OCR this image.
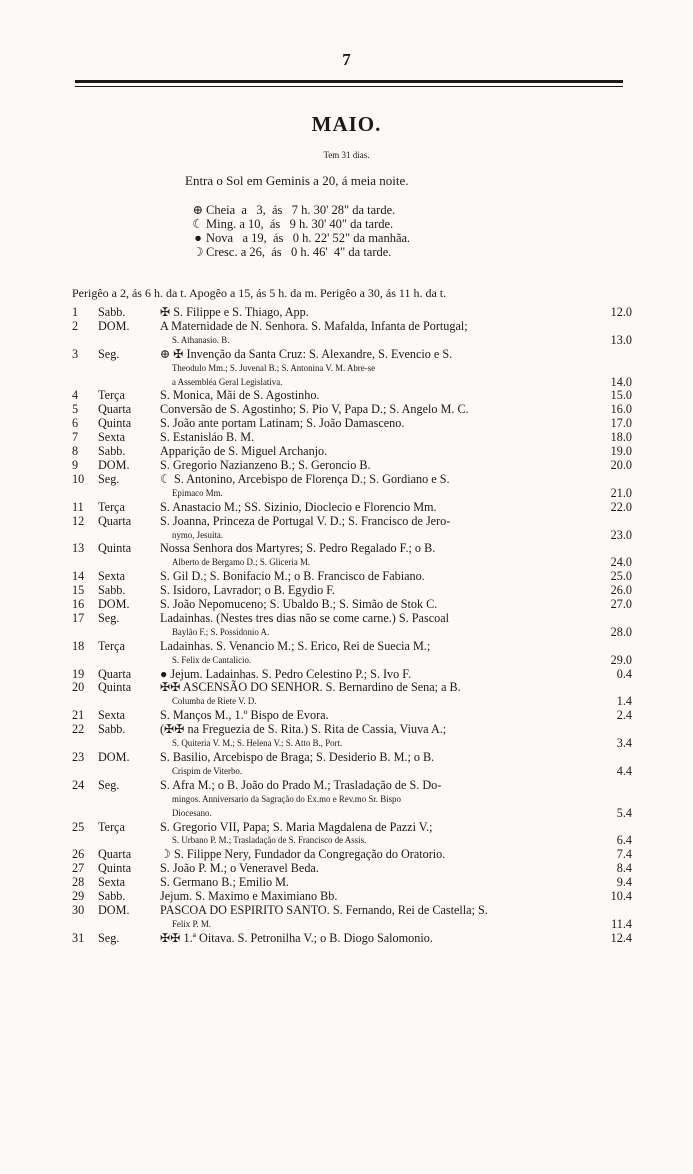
7
MAIO.
Tem 31 dias.
Entra o Sol em Geminis a 20, á meia noite.
⊕ Cheia  a   3,  ás   7 h. 30' 28" da tarde.
☾ Ming. a 10,  ás   9 h. 30' 40" da tarde.
● Nova   a 19,  ás   0 h. 22' 52" da manhãa.
☽ Cresc. a 26,  ás   0 h. 46'  4" da tarde.
Perigêo a 2, ás 6 h. da t. Apogêo a 15, ás 5 h. da m. Perigêo a 30, ás 11 h. da t.
1	Sabb.	✠ S. Filippe e S. Thiago, App.	12.0
2	DOM.	A Maternidade de N. Senhora. S. Mafalda, Infanta de Portugal;
S. Athanasio. B.	13.0
3	Seg.	⊕ ✠ Invenção da Santa Cruz: S. Alexandre, S. Evencio e S.
Theodulo Mm.; S. Juvenal B.; S. Antonina V. M. Abre-se
a Assembléa Geral Legislativa.	14.0
4	Terça	S. Monica, Mãi de S. Agostinho.	15.0
5	Quarta	Conversão de S. Agostinho; S. Pio V, Papa D.; S. Angelo M. C.	16.0
6	Quinta	S. João ante portam Latinam; S. João Damasceno.	17.0
7	Sexta	S. Estanisláo B. M.	18.0
8	Sabb.	Apparição de S. Miguel Archanjo.	19.0
9	DOM.	S. Gregorio Nazianzeno B.; S. Geroncio B.	20.0
10	Seg.	☾ S. Antonino, Arcebispo de Florença D.; S. Gordiano e S.
Epimaco Mm.	21.0
11	Terça	S. Anastacio M.; SS. Sizinio, Dioclecio e Florencio Mm.	22.0
12	Quarta	S. Joanna, Princeza de Portugal V. D.; S. Francisco de Jero-
nymo, Jesuita.	23.0
13	Quinta	Nossa Senhora dos Martyres; S. Pedro Regalado F.; o B.
Alberto de Bergamo D.; S. Gliceria M.	24.0
14	Sexta	S. Gil D.; S. Bonifacio M.; o B. Francisco de Fabiano.	25.0
15	Sabb.	S. Isidoro, Lavrador; o B. Egydio F.	26.0
16	DOM.	S. João Nepomuceno; S. Ubaldo B.; S. Simão de Stok C.	27.0
17	Seg.	Ladainhas. (Nestes tres dias não se come carne.) S. Pascoal
Baylão F.; S. Possidonio A.	28.0
18	Terça	Ladainhas. S. Venancio M.; S. Erico, Rei de Suecia M.;
S. Felix de Cantalicio.	29.0
19	Quarta	● Jejum. Ladainhas. S. Pedro Celestino P.; S. Ivo F.	0.4
20	Quinta	✠✠ ASCENSÃO DO SENHOR. S. Bernardino de Sena; a B.
Columba de Riete V. D.	1.4
21	Sexta	S. Manços M., 1.º Bispo de Evora.	2.4
22	Sabb.	(✠✠ na Freguezia de S. Rita.) S. Rita de Cassia, Viuva A.;
S. Quiteria V. M.; S. Helena V.; S. Atto B., Port.	3.4
23	DOM.	S. Basilio, Arcebispo de Braga; S. Desiderio B. M.; o B.
Crispim de Viterbo.	4.4
24	Seg.	S. Afra M.; o B. João do Prado M.; Trasladação de S. Do-
mingos. Anniversario da Sagração do Ex.mo e Rev.mo Sr. Bispo
Diocesano.	5.4
25	Terça	S. Gregorio VII, Papa; S. Maria Magdalena de Pazzi V.;
S. Urbano P. M.; Trasladação de S. Francisco de Assis.	6.4
26	Quarta	☽ S. Filippe Nery, Fundador da Congregação do Oratorio.	7.4
27	Quinta	S. João P. M.; o Veneravel Beda.	8.4
28	Sexta	S. Germano B.; Emilio M.	9.4
29	Sabb.	Jejum. S. Maximo e Maximiano Bb.	10.4
30	DOM.	PASCOA DO ESPIRITO SANTO. S. Fernando, Rei de Castella; S.
Felix P. M.	11.4
31	Seg.	✠✠ 1.ª Oitava. S. Petronilha V.; o B. Diogo Salomonio.	12.4
